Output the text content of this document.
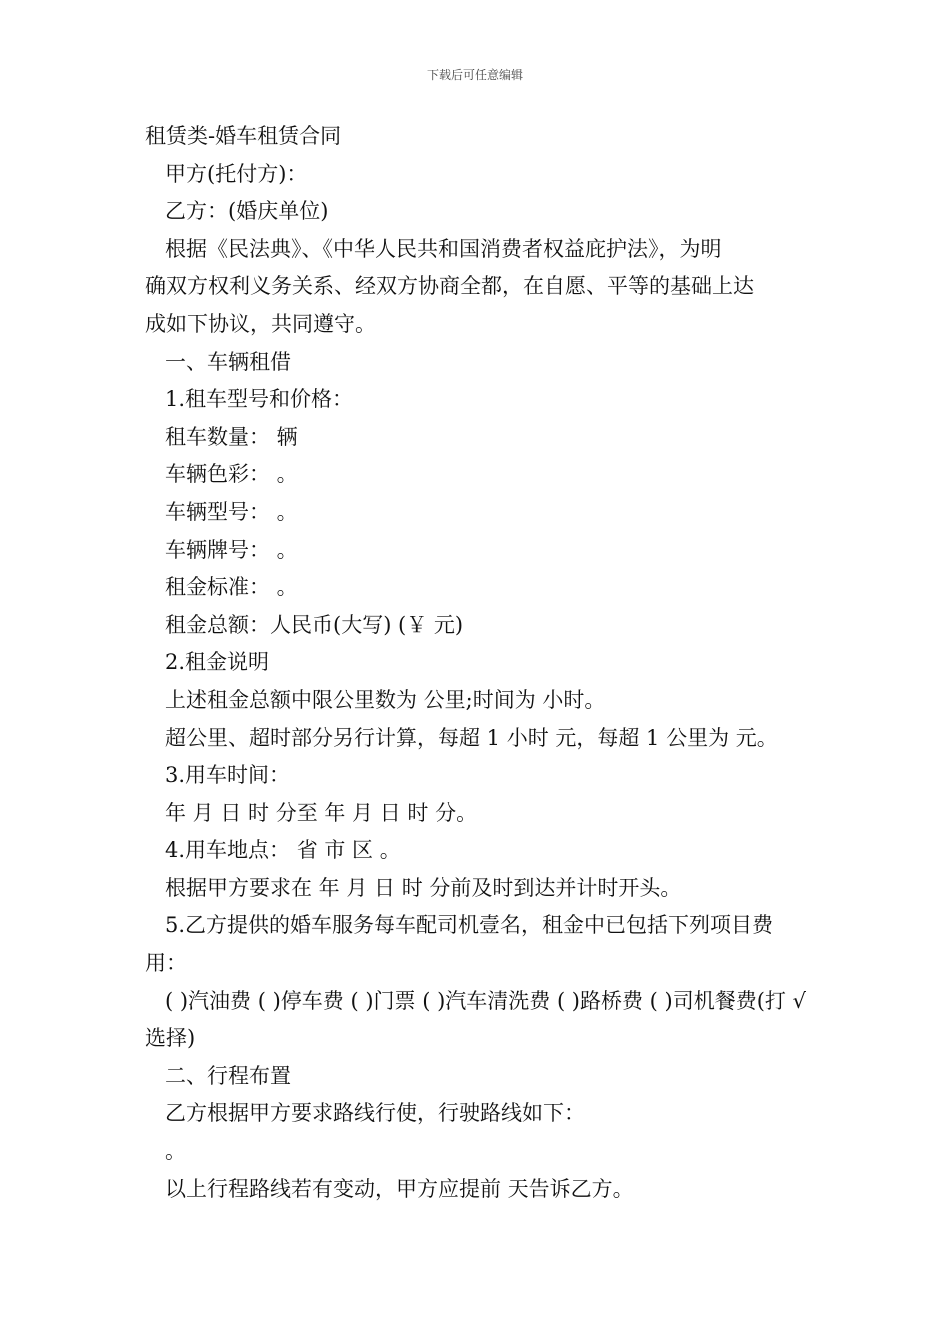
下载后可任意编辑
租赁类-婚车租赁合同
甲方(托付方)：
乙方：(婚庆单位)
根据《民法典》、《中华人民共和国消费者权益庇护法》，为明
确双方权利义务关系、经双方协商全都，在自愿、平等的基础上达
成如下协议，共同遵守。
一、车辆租借
1.租车型号和价格：
租车数量： 辆
车辆色彩： 。
车辆型号： 。
车辆牌号： 。
租金标准： 。
租金总额：人民币(大写) (￥ 元)
2.租金说明
上述租金总额中限公里数为 公里;时间为 小时。
超公里、超时部分另行计算，每超 1 小时 元，每超 1 公里为 元。
3.用车时间：
年 月 日 时 分至 年 月 日 时 分。
4.用车地点： 省 市 区 。
根据甲方要求在 年 月 日 时 分前及时到达并计时开头。
5.乙方提供的婚车服务每车配司机壹名，租金中已包括下列项目费
用：
( )汽油费 ( )停车费 ( )门票 ( )汽车清洗费 ( )路桥费 ( )司机餐费(打 √
选择)
二、行程布置
乙方根据甲方要求路线行使，行驶路线如下：
。
以上行程路线若有变动，甲方应提前 天告诉乙方。
